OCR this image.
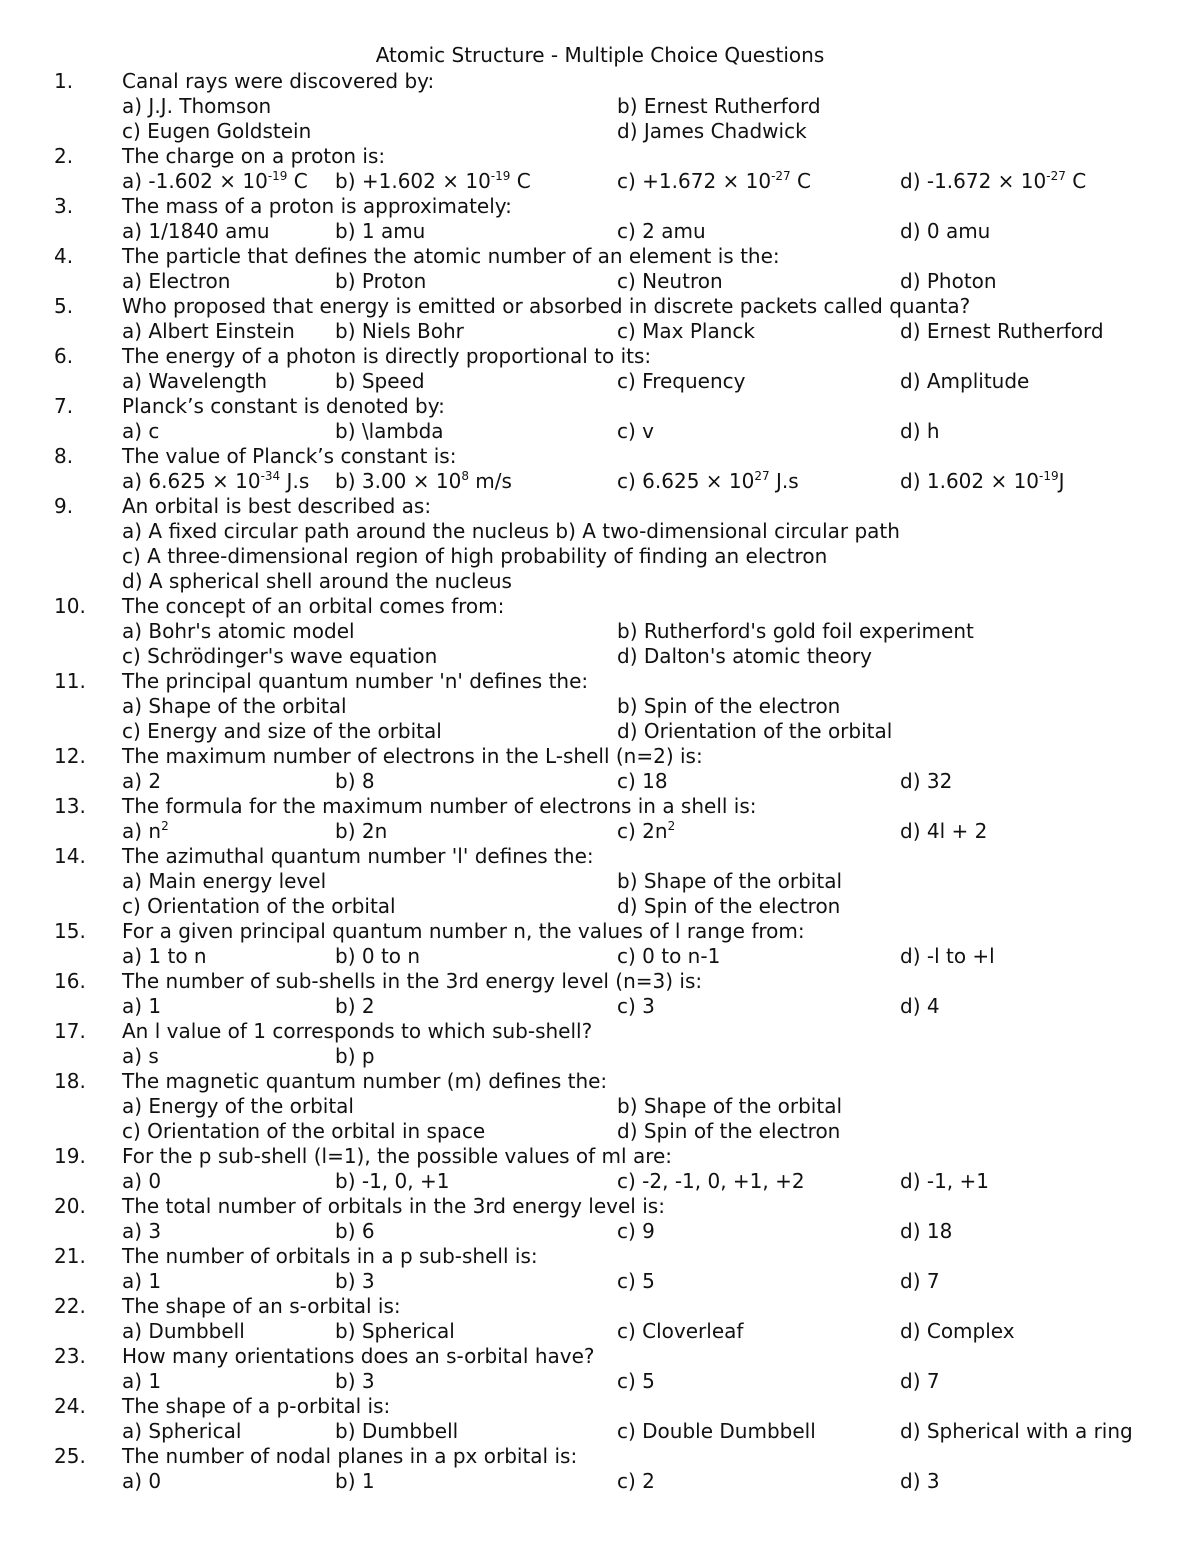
Atomic Structure - Multiple Choice Questions
1. Canal rays were discovered by:
a) J.J. Thomson	b) Ernest Rutherford
c) Eugen Goldstein	d) James Chadwick
2. The charge on a proton is:
a) $-1.602 \times 10^{-19}$ C $b) +1.602 \times 10^{-19}$ C	$c) +1.672 \times 10^{-27}$ C	d) $-1.672 \times 10^{-27}$ C
3. The mass of a proton is approximately:
a) 1/1840 amu	b) 1 amu	c) 2 amu	d) 0 amu
4. The particle that defines the atomic number of an element is the:
a) Electron	b) Proton	c) Neutron	d) Photon
5. Who proposed that energy is emitted or absorbed in discrete packets called quanta?
a) Albert Einstein b) Niels Bohr	c) Max Planck	d) Ernest Rutherford
6. The energy of a photon is directly proportional to its:
a) Wavelength	b) Speed	c) Frequency	d) Amplitude
7. Planck’s constant is denoted by:
a) c	b) \lambda	c) v	d) h
8. The value of Planck’s constant is:
a) $6.625 \times 10^{-34}$ J.s b) $3.00 \times 10^8$ m/s	c) $6.625 \times 10^{27}$ J.s	d) $1.602 \times 10^{-19}J$
9. An orbital is best described as:
a) A fixed circular path around the nucleus b) A two-dimensional circular path
c) A three-dimensional region of high probability of finding an electron
d) A spherical shell around the nucleus
10. The concept of an orbital comes from:
a) Bohr's atomic model	b) Rutherford's gold foil experiment
c) Schrödinger's wave equation	d) Dalton's atomic theory
11. The principal quantum number 'n' defines the:
a) Shape of the orbital	b) Spin of the electron
c) Energy and size of the orbital	d) Orientation of the orbital
12. The maximum number of electrons in the L-shell (n=2) is:
a) 2	b) 8	c) 18	d) 32
13. The formula for the maximum number of electrons in a shell is:
a) $n^2$	b) 2n	c) $2n^2$	d) 4l + 2
14. The azimuthal quantum number 'l' defines the:
a) Main energy level	b) Shape of the orbital
c) Orientation of the orbital	d) Spin of the electron
15. For a given principal quantum number n, the values of l range from:
a) 1 to n	b) 0 to n	c) 0 to n-1	d) -l to +l
16. The number of sub-shells in the 3rd energy level (n=3) is:
a) 1	b) 2	c) 3	d) 4
17. An l value of 1 corresponds to which sub-shell?
a) s	b) p
18. The magnetic quantum number (m) defines the:
a) Energy of the orbital	b) Shape of the orbital
c) Orientation of the orbital in space	d) Spin of the electron
19. For the p sub-shell (l=1), the possible values of ml are:
a) 0	b) -1, 0, +1	c) -2, -1, 0, +1, +2	d) -1, +1
20. The total number of orbitals in the 3rd energy level is:
a) 3	b) 6	c) 9	d) 18
21. The number of orbitals in a p sub-shell is:
a) 1	b) 3	c) 5	d) 7
22. The shape of an s-orbital is:
a) Dumbbell	b) Spherical	c) Cloverleaf	d) Complex
23. How many orientations does an s-orbital have?
a) 1	b) 3	c) 5	d) 7
24. The shape of a p-orbital is:
a) Spherical	b) Dumbbell	c) Double Dumbbell	d) Spherical with a ring
25. The number of nodal planes in a px orbital is:
a) 0	b) 1	c) 2	d) 3
